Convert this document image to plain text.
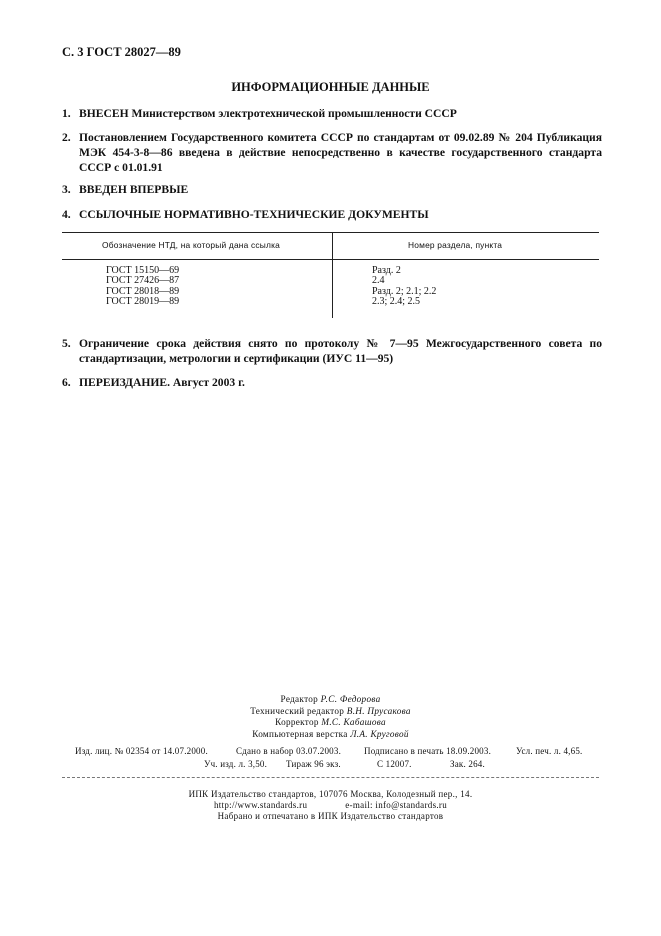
С. 3 ГОСТ 28027—89
ИНФОРМАЦИОННЫЕ ДАННЫЕ
1. ВНЕСЕН Министерством электротехнической промышленности СССР
2. Постановлением Государственного комитета СССР по стандартам от 09.02.89 № 204 Публикация МЭК 454-3-8—86 введена в действие непосредственно в качестве государственного стандарта СССР с 01.01.91
3. ВВЕДЕН ВПЕРВЫЕ
4. ССЫЛОЧНЫЕ НОРМАТИВНО-ТЕХНИЧЕСКИЕ ДОКУМЕНТЫ
Обозначение НТД, на который дана ссылка	Номер раздела, пункта
ГОСТ 15150—69	Разд. 2
ГОСТ 27426—87	2.4
ГОСТ 28018—89	Разд. 2; 2.1; 2.2
ГОСТ 28019—89	2.3; 2.4; 2.5
5. Ограничение срока действия снято по протоколу № 7—95 Межгосударственного совета по стандартизации, метрологии и сертификации (ИУС 11—95)
6. ПЕРЕИЗДАНИЕ. Август 2003 г.
Редактор Р.С. Федорова
Технический редактор В.Н. Прусакова
Корректор М.С. Кабашова
Компьютерная верстка Л.А. Круговой
Изд. лиц. № 02354 от 14.07.2000.	Сдано в набор 03.07.2003.	Подписано в печать 18.09.2003.	Усл. печ. л. 4,65.
Уч. изд. л. 3,50. Тираж 96 экз.	С 12007.	Зак. 264.
ИПК Издательство стандартов, 107076 Москва, Колодезный пер., 14.
http://www.standards.ru	e-mail: info@standards.ru
Набрано и отпечатано в ИПК Издательство стандартов
